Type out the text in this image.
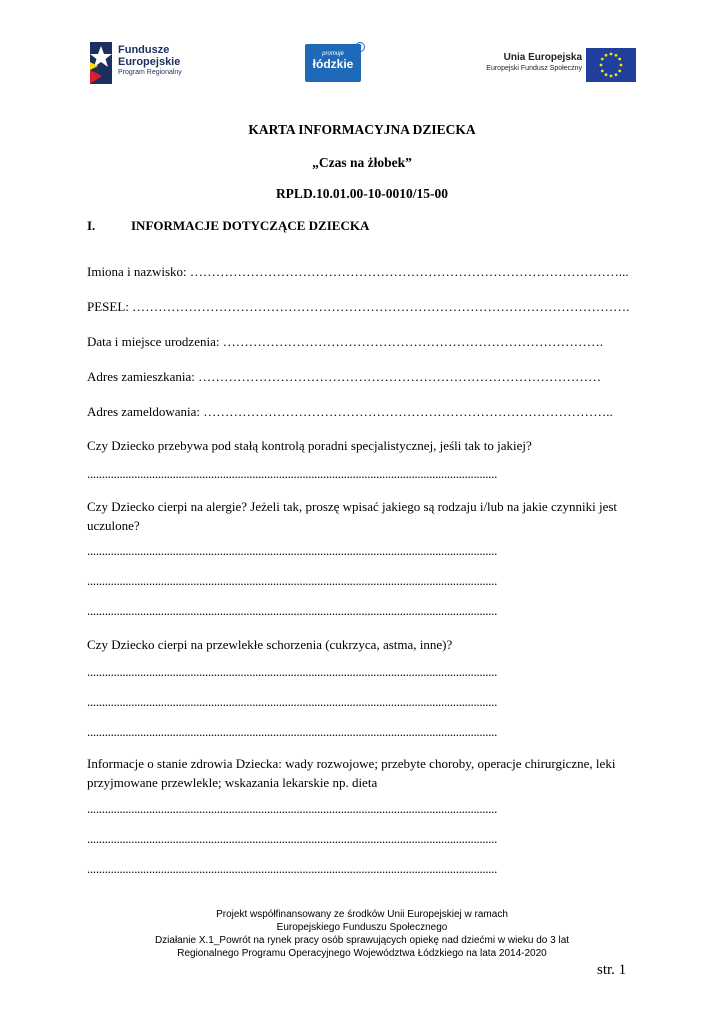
Fundusze
Europejskie
Program Regionalny
promuje
łódzkie
©
Unia Europejska
Europejski Fundusz Społeczny
KARTA INFORMACYJNA DZIECKA
„Czas na żłobek”
RPLD.10.01.00-10-0010/15-00
I.	INFORMACJE DOTYCZĄCE DZIECKA
Imiona i nazwisko: ………………………………………………………………………………………...
PESEL: …………………………………………………………………………………………………….
Data i miejsce urodzenia: …………………………………………………………………………….
Adres zamieszkania: …………………………………………………………………………………
Adres zameldowania: …………………………………………………………………………………..
Czy Dziecko przebywa pod stałą kontrolą poradni specjalistycznej, jeśli tak to jakiej?
...........................................................................................................................................
Czy Dziecko cierpi na alergie? Jeżeli tak, proszę wpisać jakiego są rodzaju i/lub na jakie czynniki jest uczulone?
...........................................................................................................................................
...........................................................................................................................................
...........................................................................................................................................
Czy Dziecko cierpi na przewlekłe schorzenia (cukrzyca, astma, inne)?
...........................................................................................................................................
...........................................................................................................................................
...........................................................................................................................................
Informacje o stanie zdrowia Dziecka: wady rozwojowe; przebyte choroby, operacje chirurgiczne, leki przyjmowane przewlekle; wskazania lekarskie np. dieta
...........................................................................................................................................
...........................................................................................................................................
...........................................................................................................................................
Projekt współfinansowany ze środków Unii Europejskiej w ramach
Europejskiego Funduszu Społecznego
Działanie X.1_Powrót na rynek pracy osób sprawujących opiekę nad dziećmi w wieku do 3 lat
Regionalnego Programu Operacyjnego Województwa Łódzkiego na lata 2014-2020
str. 1
